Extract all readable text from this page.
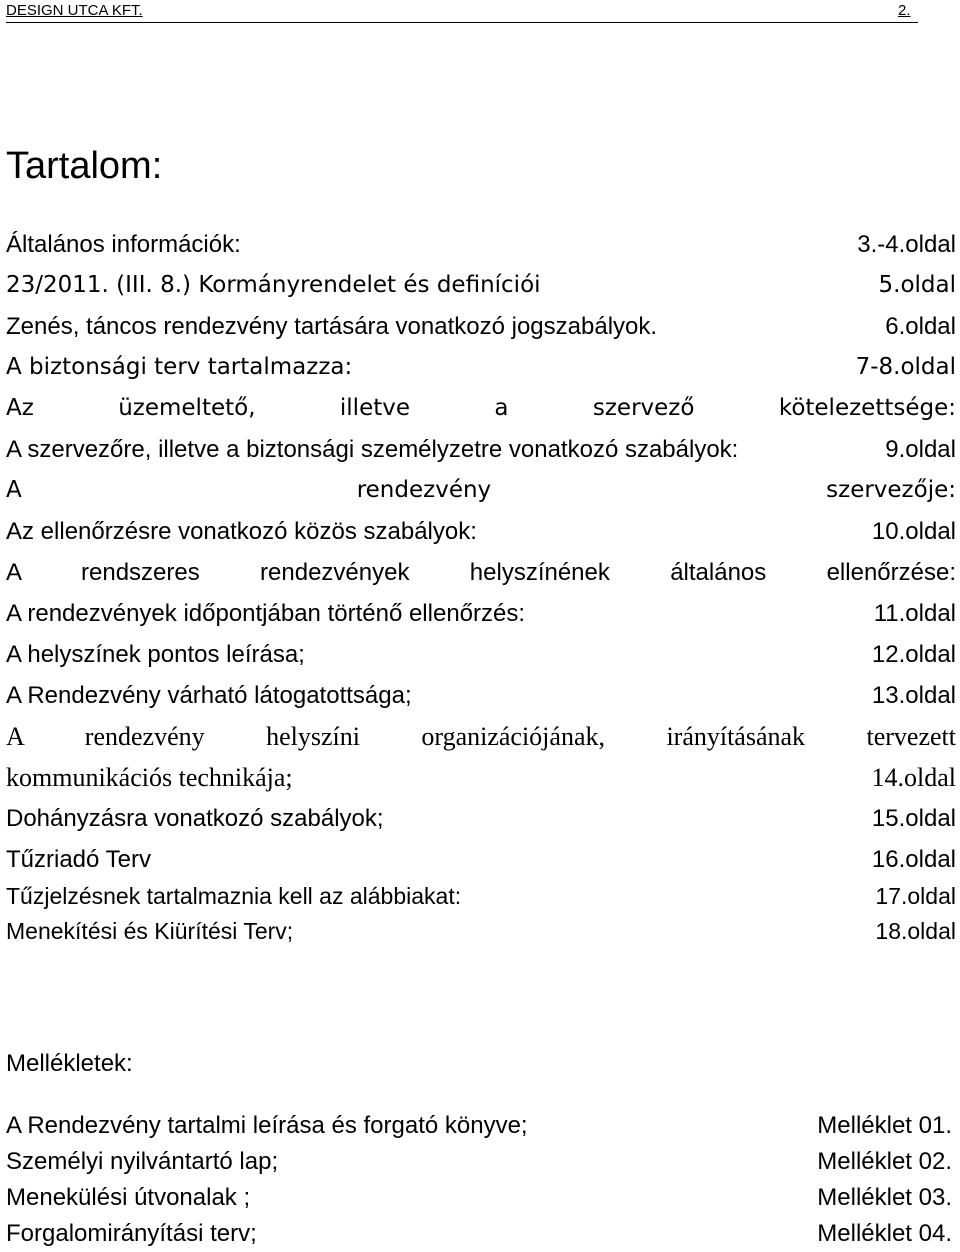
DESIGN UTCA KFT.	2.
Tartalom:
Általános információk:	3.-4.oldal
23/2011. (III. 8.) Kormányrendelet és definíciói	5.oldal
Zenés, táncos rendezvény tartására vonatkozó jogszabályok.	6.oldal
A biztonsági terv tartalmazza:	7-8.oldal
Az üzemeltető, illetve a szervező kötelezettsége:
A szervezőre, illetve a biztonsági személyzetre vonatkozó szabályok:	9.oldal
A rendezvény szervezője:
Az ellenőrzésre vonatkozó közös szabályok:	10.oldal
A rendszeres rendezvények helyszínének általános ellenőrzése:
A rendezvények időpontjában történő ellenőrzés:	11.oldal
A helyszínek pontos leírása;	12.oldal
A Rendezvény várható látogatottsága;	13.oldal
A rendezvény helyszíni organizációjának, irányításának tervezett
kommunikációs technikája;	14.oldal
Dohányzásra vonatkozó szabályok;	15.oldal
Tűzriadó Terv	16.oldal
Tűzjelzésnek tartalmaznia kell az alábbiakat:	17.oldal
Menekítési és Kiürítési Terv;	18.oldal
Mellékletek:
A Rendezvény tartalmi leírása és forgató könyve;	Melléklet 01.
Személyi nyilvántartó lap;	Melléklet 02.
Menekülési útvonalak ;	Melléklet 03.
Forgalomirányítási terv;	Melléklet 04.
